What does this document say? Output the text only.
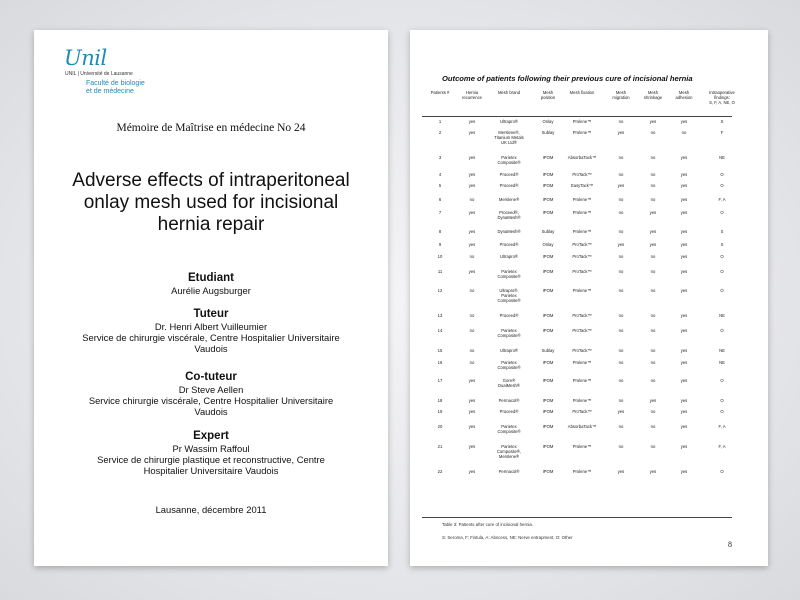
Unil
UNIL | Université de Lausanne
Faculté de biologie
et de médecine
Mémoire de Maîtrise en médecine No 24
Adverse effects of intraperitoneal
onlay mesh used for incisional
hernia repair
Etudiant
Aurélie Augsburger
Tuteur
Dr. Henri Albert Vuilleumier
Service de chirurgie viscérale, Centre Hospitalier Universitaire
Vaudois
Co-tuteur
Dr Steve Aellen
Service chirurgie viscérale, Centre Hospitalier Universitaire
Vaudois
Expert
Pr Wassim Raffoul
Service de chirurgie plastique et reconstructive, Centre
Hospitalier Universitaire Vaudois
Lausanne, décembre 2011
Outcome of patients following their previous cure of incisional hernia
Patients #	Hernia
recurrence
Mesh brand	Mesh
position
Mesh fixation	Mesh
migration
Mesh
shrinkage
Mesh
adhesion
Intraoperative
findings:
S, F, A, NE, O
1	yes	Ultrapro®	Onlay	Prolene™	no	yes	yes	S
2	yes	Merslene®,
Titanium Metals
UK Ltd®
Sublay	Prolene™	yes	no	no	F
3	yes	Parietex
Composite®
IPOM	AbsorbaTack™	no	no	yes	NE
4	yes	Proceed®	IPOM	ProTack™	no	no	yes	O
5	yes	Proceed®	IPOM	EasyTack™	yes	no	yes	O
6	no	Merslene®	IPOM	Prolene™	no	no	yes	F, A
7	yes	Proceed®,
DynaMesh®
IPOM	Prolene™	no	yes	yes	O
8	yes	DynaMesh®	Sublay	Prolene™	no	yes	yes	S
9	yes	Proceed®	Onlay	ProTack™	yes	yes	yes	S
10	no	Ultrapro®	IPOM	ProTack™	no	no	yes	O
11	yes	Parietex
Composite®
IPOM	ProTack™	no	no	yes	O
12	no	Ultrapro®,
Parietex
Composite®
IPOM	Prolene™	no	no	yes	O
13	no	Proceed®	IPOM	ProTack™	no	no	yes	NE
14	no	Parietex
Composite®
IPOM	ProTack™	no	no	yes	O
15	no	Ultrapro®	Sublay	ProTack™	no	no	yes	NE
16	no	Parietex
Composite®
IPOM	Prolene™	no	no	yes	NE
17	yes	Gore®
DualMesh®
IPOM	Prolene™	no	no	yes	O
18	yes	Permacol®	IPOM	Prolene™	no	yes	yes	O
19	yes	Proceed®	IPOM	ProTack™	yes	no	yes	O
20	yes	Parietex
Composite®
IPOM	AbsorbaTack™	no	no	yes	F, A
21	yes	Parietex
Composite®,
Merslene®
IPOM	Prolene™	no	no	yes	F, A
22	yes	Permacol®	IPOM	Prolene™	yes	yes	yes	O
Table 3: Patients after cure of incisional hernia.
S: Seroma, F: Fistula, A: Abscess, NE: Nerve entrapment, O: Other
8
